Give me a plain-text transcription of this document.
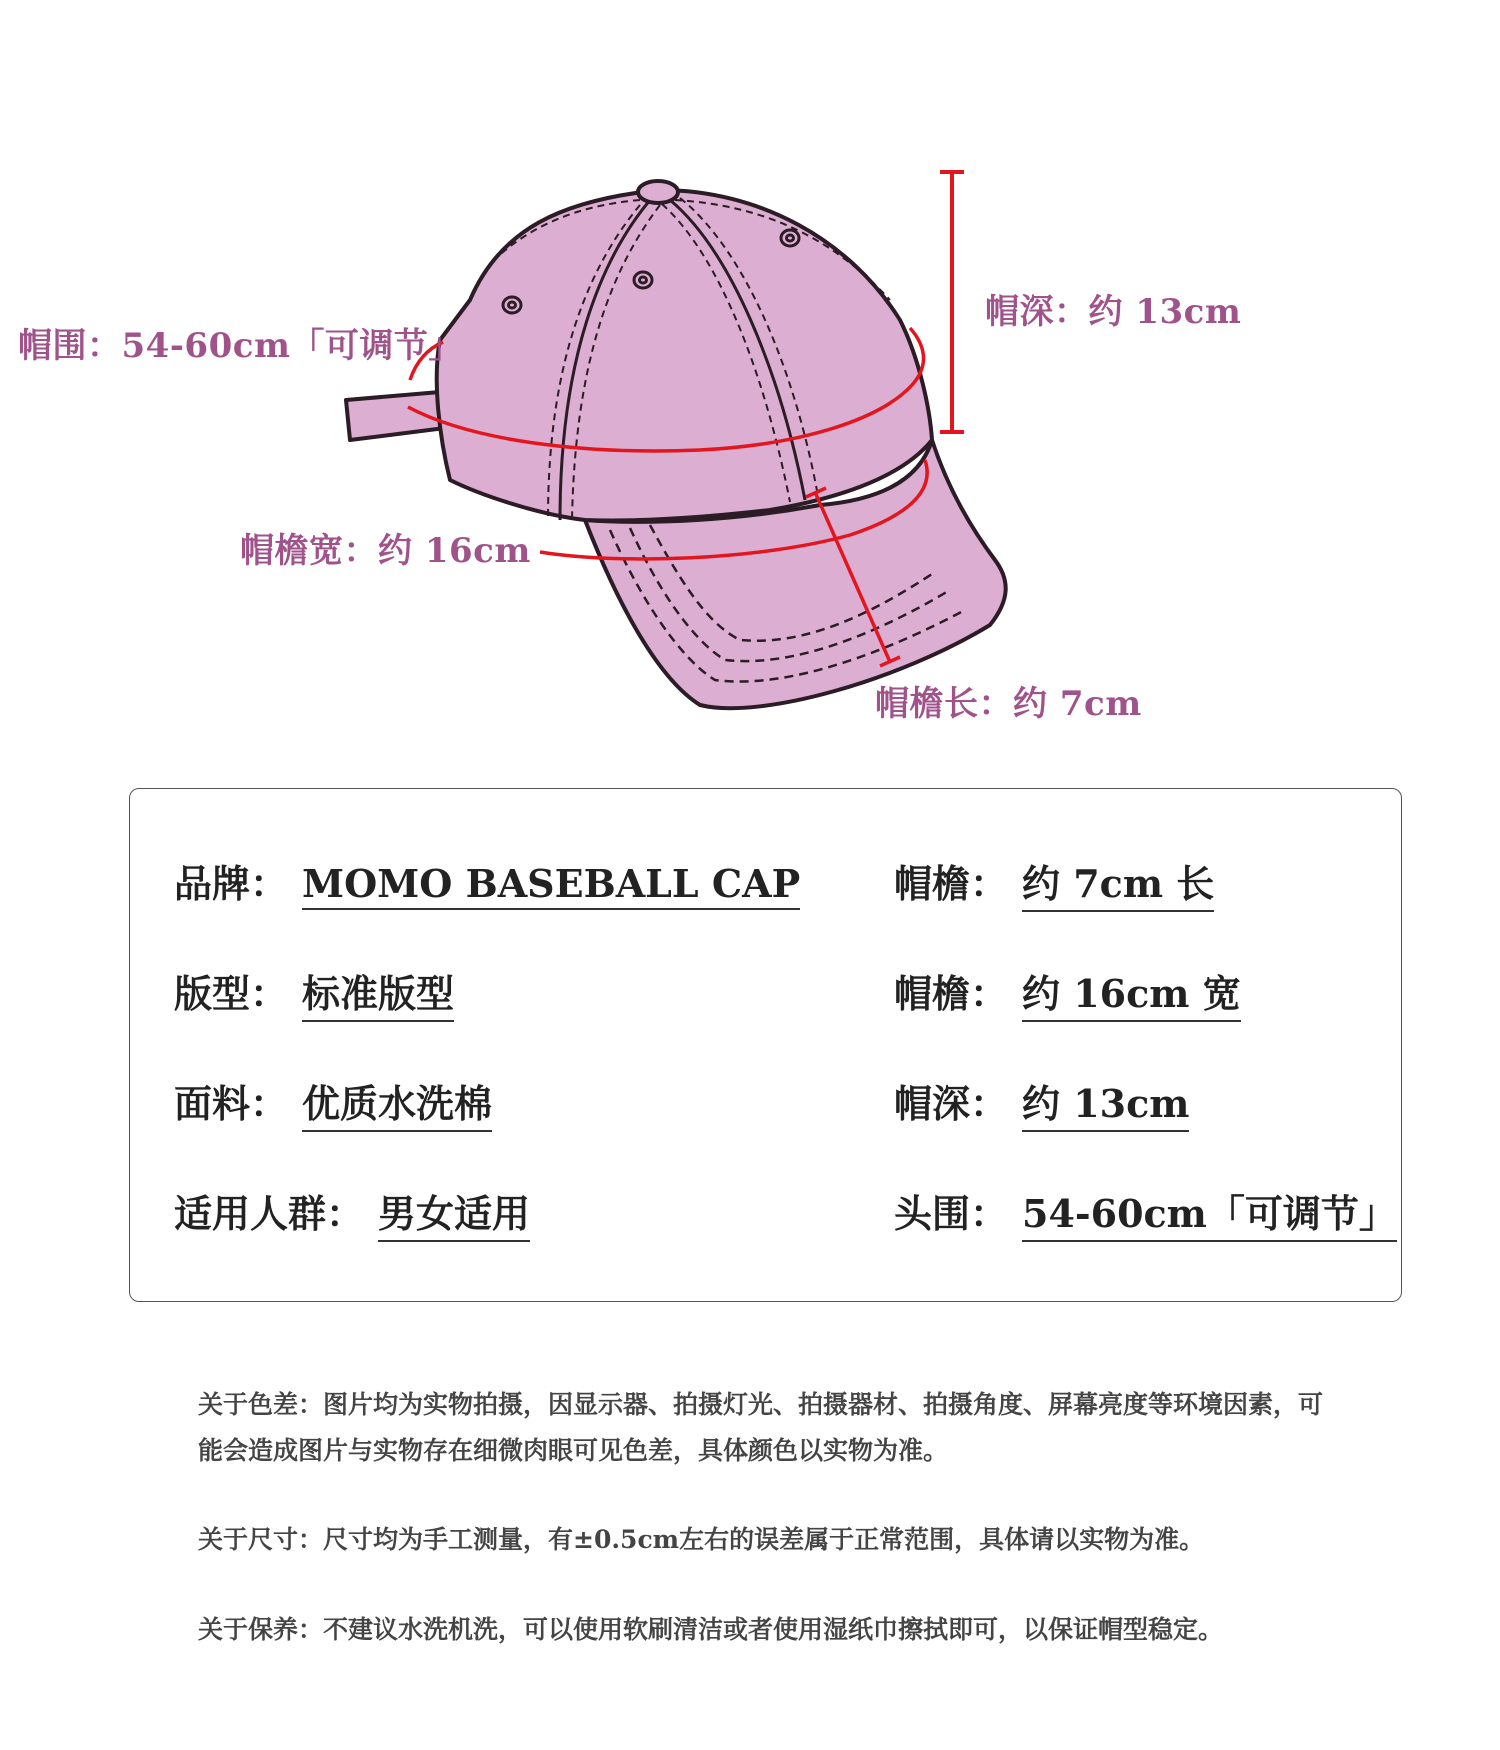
帽围：54-60cm「可调节」
帽深：约 13cm
帽檐宽：约 16cm
帽檐长：约 7cm
品牌： MOMO BASEBALL CAP
版型： 标准版型
面料： 优质水洗棉
适用人群： 男女适用
帽檐： 约 7cm 长
帽檐： 约 16cm 宽
帽深： 约 13cm
头围： 54-60cm「可调节」
关于色差：图片均为实物拍摄，因显示器、拍摄灯光、拍摄器材、拍摄角度、屏幕亮度等环境因素，可能会造成图片与实物存在细微肉眼可见色差，具体颜色以实物为准。
关于尺寸：尺寸均为手工测量，有±0.5cm左右的误差属于正常范围，具体请以实物为准。
关于保养：不建议水洗机洗，可以使用软刷清洁或者使用湿纸巾擦拭即可，以保证帽型稳定。
